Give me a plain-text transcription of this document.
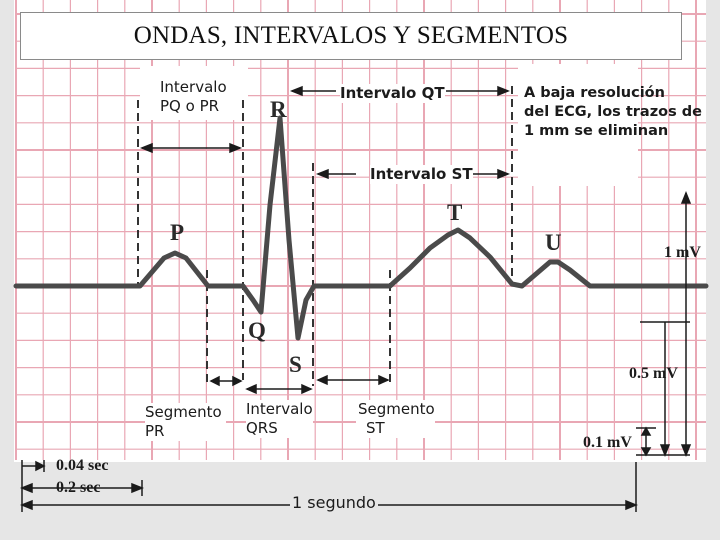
ONDAS, INTERVALOS Y SEGMENTOS
Intervalo
PQ o PR
Intervalo QT
Intervalo ST
A baja resolución
del ECG, los trazos de
1 mm se eliminan
Segmento
PR
Intervalo
QRS
Segmento
ST
P
Q
R
S
T
U	1 mV
0.5 mV
0.1 mV
0.04 sec
0.2 sec
1 segundo
